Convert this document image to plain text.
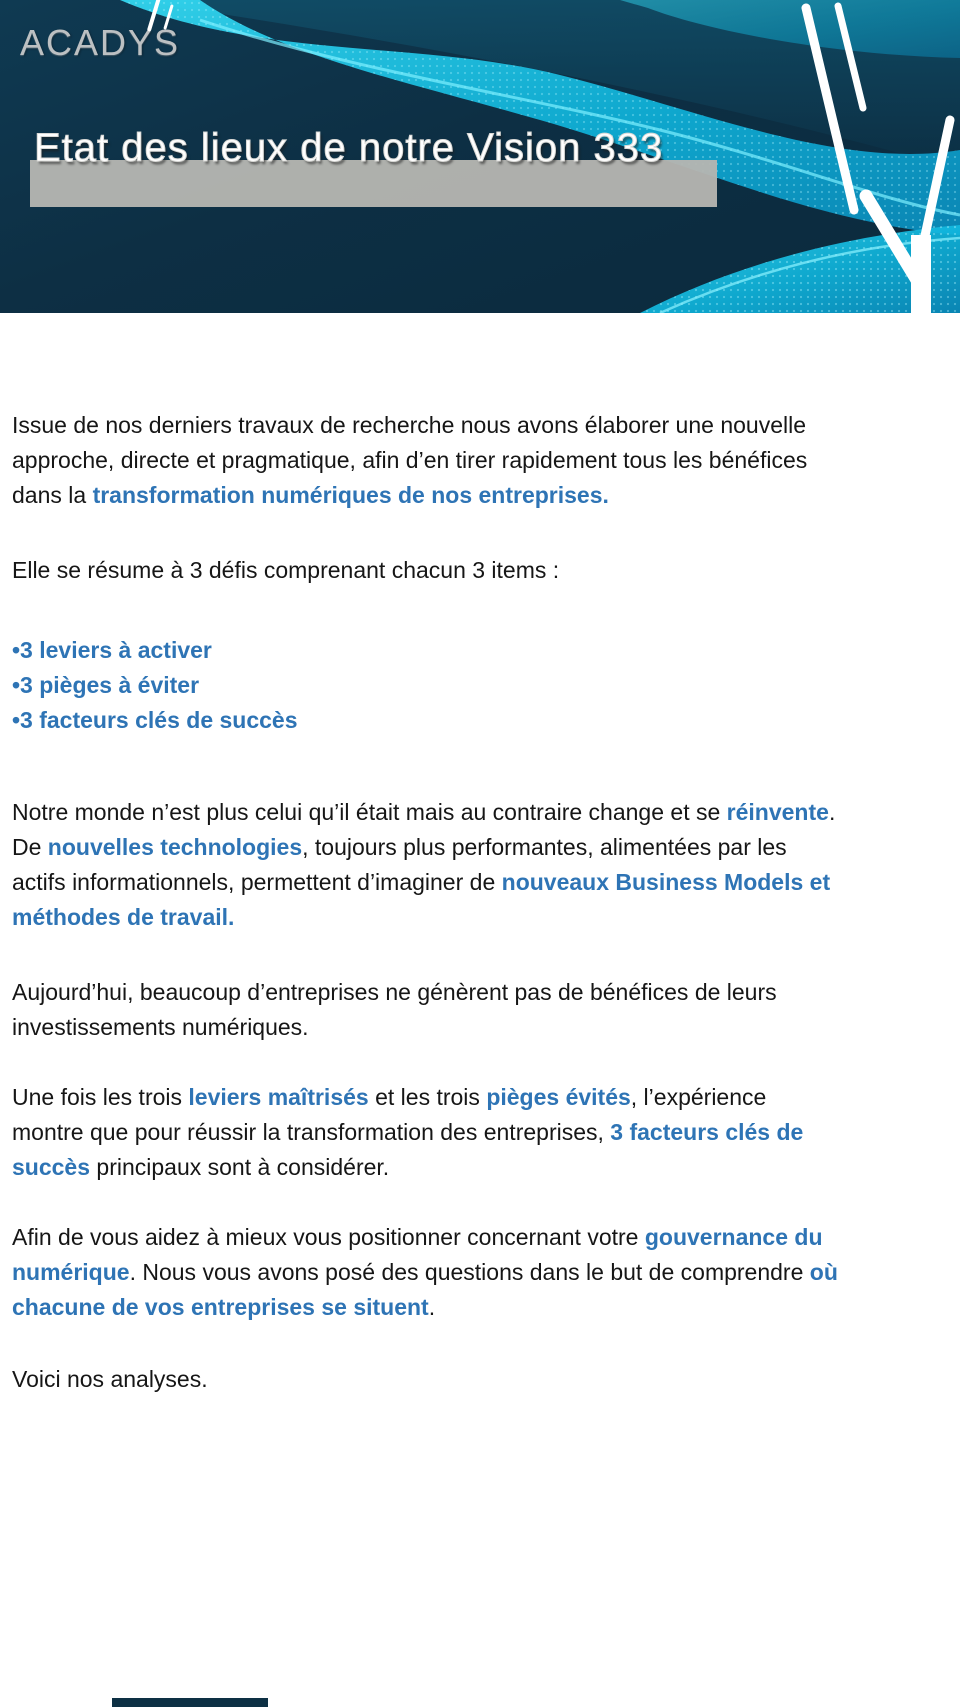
ACADYS
Etat des lieux de notre Vision 333

Issue de nos derniers travaux de recherche nous avons élaborer une nouvelle approche, directe et pragmatique, afin d’en tirer rapidement tous les bénéfices dans la transformation numériques de nos entreprises.

Elle se résume à 3 défis comprenant chacun 3 items :

•3 leviers à activer

•3 pièges à éviter

•3 facteurs clés de succès

Notre monde n’est plus celui qu’il était mais au contraire change et se réinvente. De nouvelles technologies, toujours plus performantes, alimentées par les actifs informationnels, permettent d’imaginer de nouveaux Business Models et méthodes de travail.

Aujourd’hui, beaucoup d’entreprises ne génèrent pas de bénéfices de leurs investissements numériques.

Une fois les trois leviers maîtrisés et les trois pièges évités, l’expérience montre que pour réussir la transformation des entreprises, 3 facteurs clés de succès principaux sont à considérer.

Afin de vous aidez à mieux vous positionner concernant votre gouvernance du numérique. Nous vous avons posé des questions dans le but de comprendre où chacune de vos entreprises se situent.

Voici nos analyses.
